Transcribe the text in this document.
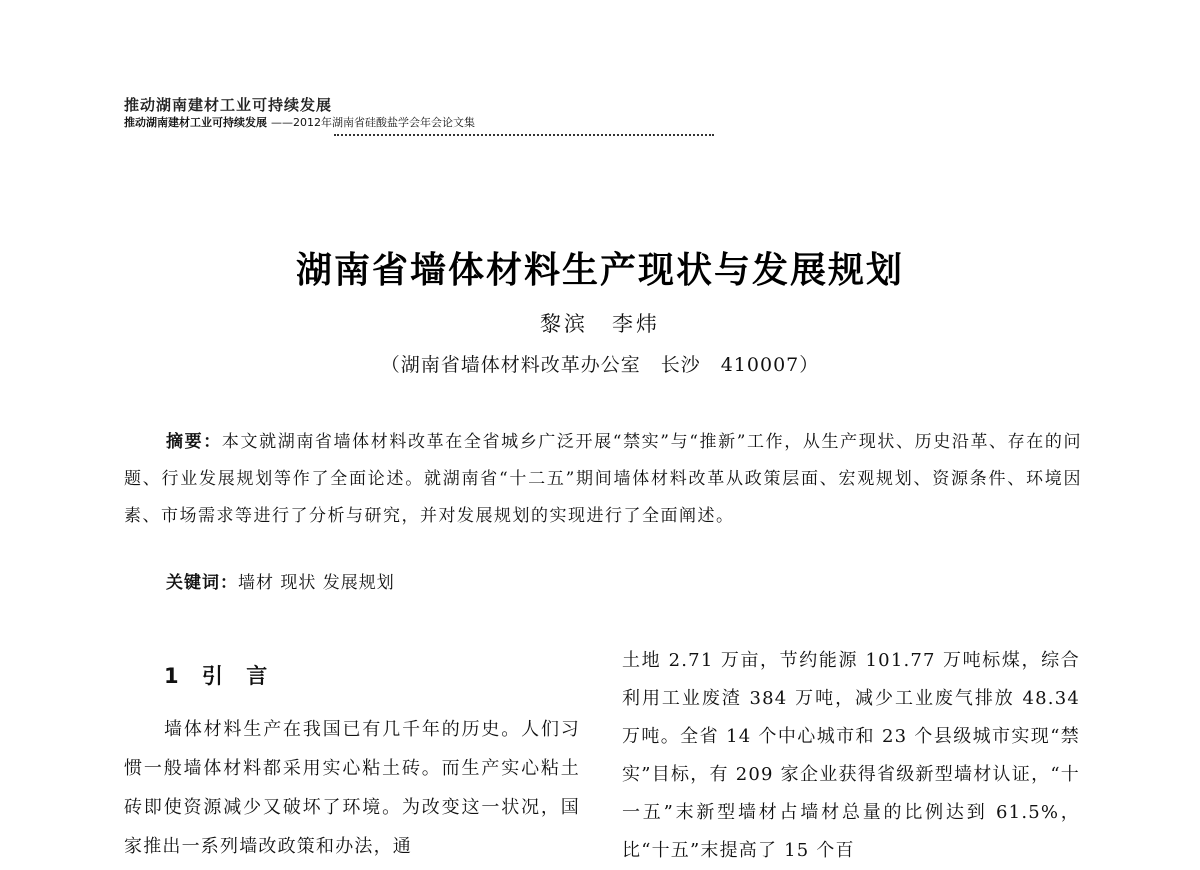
推动湖南建材工业可持续发展
推动湖南建材工业可持续发展 ——2012年湖南省硅酸盐学会年会论文集
湖南省墙体材料生产现状与发展规划
黎滨　李炜
（湖南省墙体材料改革办公室　长沙　410007）
摘要：本文就湖南省墙体材料改革在全省城乡广泛开展“禁实”与“推新”工作，从生产现状、历史沿革、存在的问题、行业发展规划等作了全面论述。就湖南省“十二五”期间墙体材料改革从政策层面、宏观规划、资源条件、环境因素、市场需求等进行了分析与研究，并对发展规划的实现进行了全面阐述。
关键词：墙材 现状 发展规划
1 引 言
墙体材料生产在我国已有几千年的历史。人们习惯一般墙体材料都采用实心粘土砖。而生产实心粘土砖即使资源减少又破坏了环境。为改变这一状况，国家推出一系列墙改政策和办法，通
土地 2.71 万亩，节约能源 101.77 万吨标煤，综合利用工业废渣 384 万吨，减少工业废气排放 48.34 万吨。全省 14 个中心城市和 23 个县级城市实现“禁实”目标，有 209 家企业获得省级新型墙材认证，“十一五”末新型墙材占墙材总量的比例达到 61.5%，比“十五”末提高了 15 个百
